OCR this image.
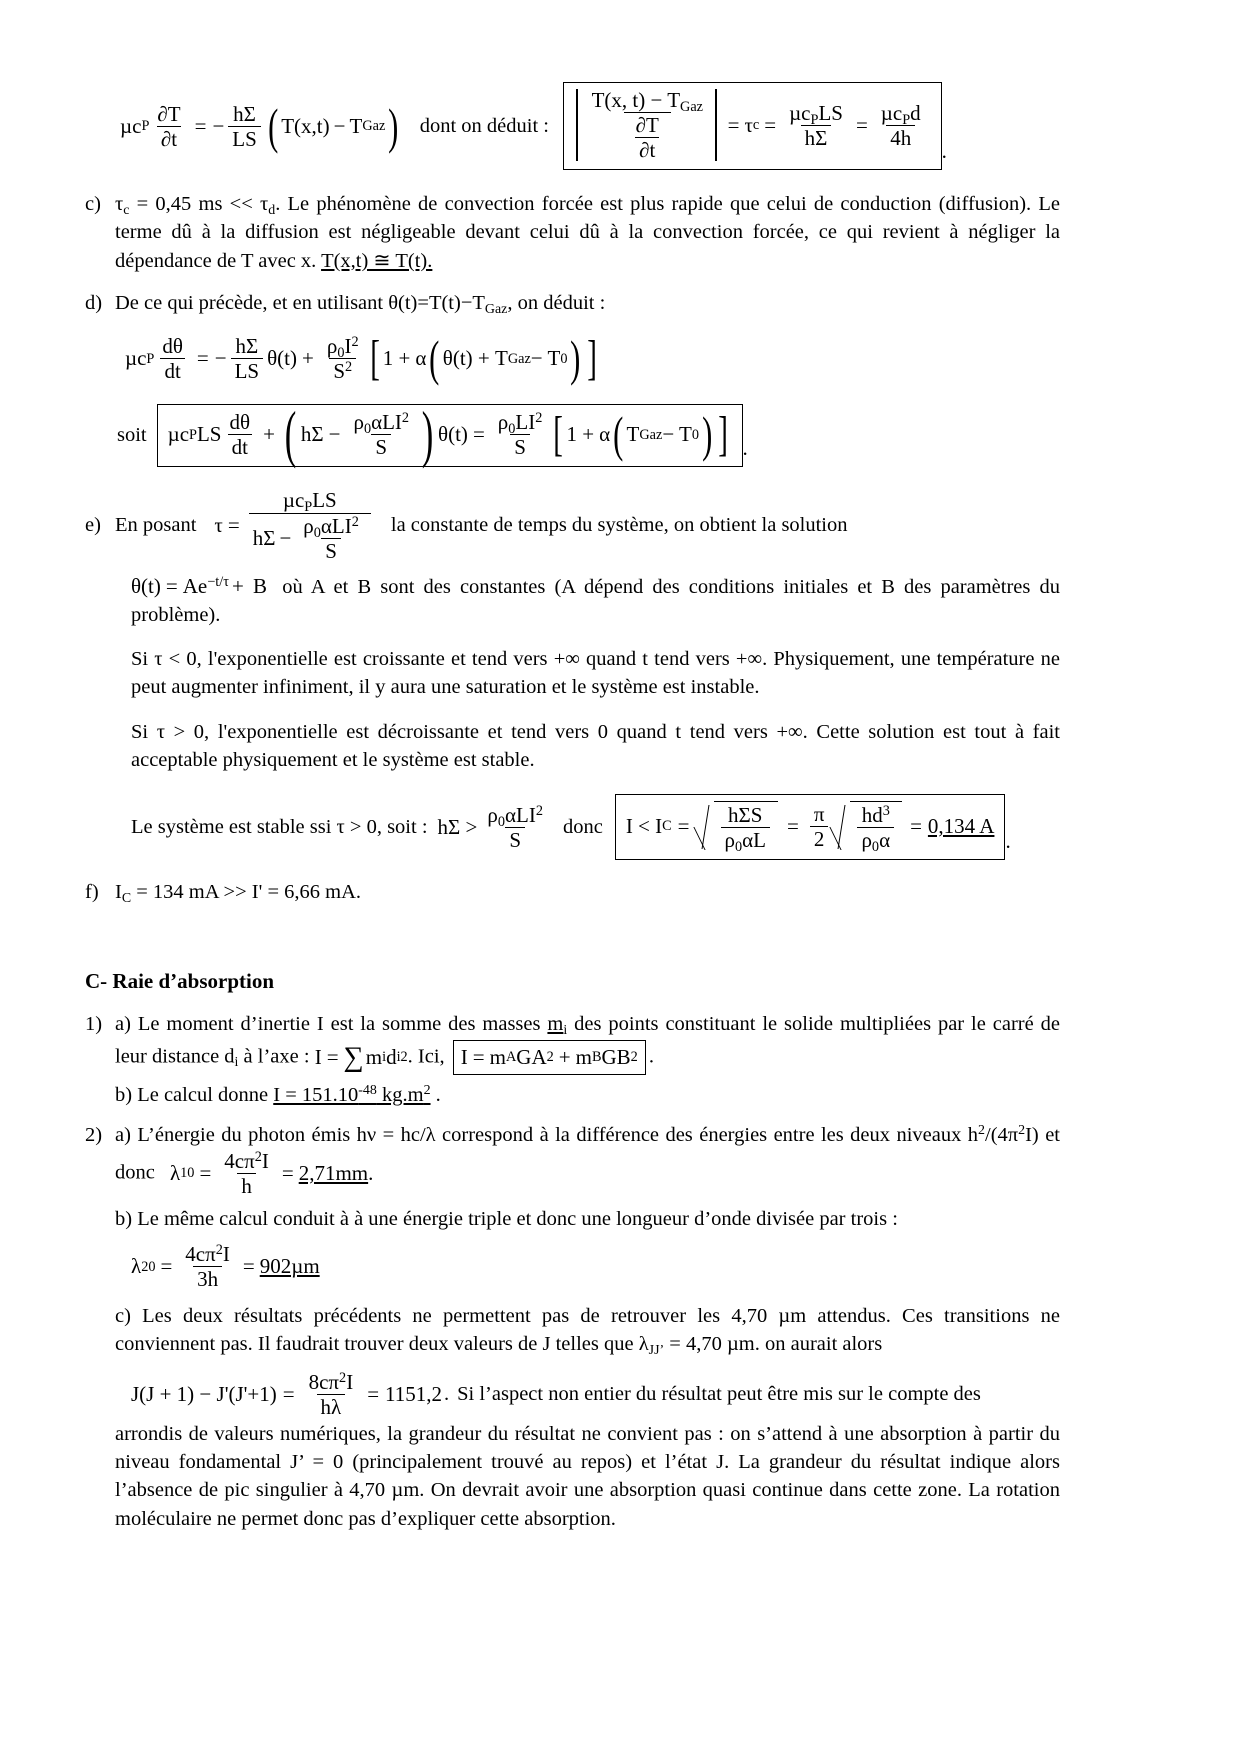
µ c P $\frac{\partial T}{\partial t}$ = − $\frac{h\Sigma}{LS}$ ( T(x,t) − T Gaz ) dont on déduit : $\frac{T(x, t) - T_{Gaz}}{\frac{\partial T}{\partial t}} = \tau$ $c = \frac{\mu c_PLS}{h\Sigma} = \frac{\mu c_Pd}{4h}$
.
c) $\tau_c = 0,45$ ms << $\tau_d$. Le phénomène de convection forcée est plus rapide que celui de conduction (diffusion). Le terme dû à la diffusion est négligeable devant celui dû à la convection forcée, ce qui revient à négliger la dépendance de T avec x. T(x,t) ≅ T(t).
d) De ce qui précède, et en utilisant $\theta(t)=T(t)-T_{Gaz}$, on déduit :
µc P $\frac{d\theta}{dt}$ = − $\frac{h\Sigma}{LS} \theta(t) + \frac{\rho_0I^2}{S^2}$ [ 1 + α ( θ(t) + T Gaz − T 0 ) ]
soit µc P LS $\frac{d\theta}{dt}$ + ( $h\Sigma - \frac{\rho_0\alpha LI^2}{S}$ ) $\theta(t) = \frac{\rho_0LI^2}{S}$ [ 1 + α ( T Gaz − T 0 ) ] .
e) En posant τ =
µc$_P$LS
$h\Sigma - \frac{\rho_0\alpha LI^2}{S}$ la constante de temps du système, on obtient la solution
$\theta(t) = Ae^{-t/\tau} + B$ où A et B sont des constantes (A dépend des conditions initiales et B des paramètres du problème).
Si τ < 0, l'exponentielle est croissante et tend vers +∞ quand t tend vers +∞. Physiquement, une température ne peut augmenter infiniment, il y aura une saturation et le système est instable.
Si τ > 0, l'exponentielle est décroissante et tend vers 0 quand t tend vers +∞. Cette solution est tout à fait acceptable physiquement et le système est stable.
Le système est stable ssi τ > 0, soit : $h\Sigma > \frac{\rho_0\alpha LI^2}{S}$ donc I < I $C = \frac{\text{hΣS}}{\rho_0\alpha L} = \frac{\pi}{2} \frac{hd^3}{\rho_0\alpha} = 0,134$ A
.
f) $I_C = 134$ mA >> I' = 6,66 mA.
C- Raie d’absorption
1) a) Le moment d’inertie I est la somme des masses $m_i$ des points constituant le solide multipliées par le carré de leur distance $d_i$ à l’axe : I = ∑ m i d i 2 . Ici, I = m A GA 2 + m B GB 2 .
b) Le calcul donne $I = 151.10^{-48}$ $kg.m^2$ .
2) a) L’énergie du photon émis hν = hc/λ correspond à la différence des énergies entre les deux niveaux $h^2/(4\pi^2I)$ et donc λ $10 = \frac{4c\pi^2I}{h} = 2,71mm$ .
b) Le même calcul conduit à à une énergie triple et donc une longueur d’onde divisée par trois :
λ $20 = \frac{4c\pi^2I}{3h} = 902\mu m$
c) Les deux résultats précédents ne permettent pas de retrouver les 4,70 µm attendus. Ces transitions ne conviennent pas. Il faudrait trouver deux valeurs de J telles que $\lambda_{JJ’} = 4,70$ µm. on aurait alors
$J(J + 1) - J'(J'+1) = \frac{8c\pi^2I}{h\lambda} = 1151,2$ . Si l’aspect non entier du résultat peut être mis sur le compte des
arrondis de valeurs numériques, la grandeur du résultat ne convient pas : on s’attend à une absorption à partir du niveau fondamental J’ = 0 (principalement trouvé au repos) et l’état J. La grandeur du résultat indique alors l’absence de pic singulier à 4,70 µm. On devrait avoir une absorption quasi continue dans cette zone. La rotation moléculaire ne permet donc pas d’expliquer cette absorption.
